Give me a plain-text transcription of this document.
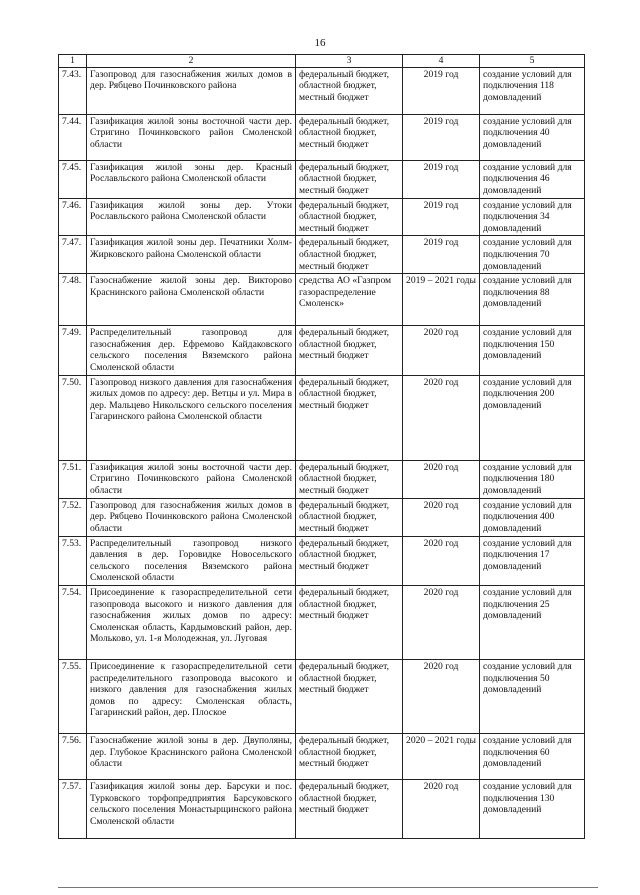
16
1	2	3	4	5
7.43.	Газопровод для газоснабжения жилых домов в дер. Рябцево Починковского района	федеральный бюджет, областной бюджет, местный бюджет	2019 год	создание условий для подключения 118 домовладений
7.44.	Газификация жилой зоны восточной части дер. Стригино Починковского район Смоленской области	федеральный бюджет, областной бюджет, местный бюджет	2019 год	создание условий для подключения 40 домовладений
7.45.	Газификация жилой зоны дер. Красный Рославльского района Смоленской области	федеральный бюджет, областной бюджет, местный бюджет	2019 год	создание условий для подключения 46 домовладений
7.46.	Газификация жилой зоны дер. Утоки Рославльского района Смоленской области	федеральный бюджет, областной бюджет, местный бюджет	2019 год	создание условий для подключения 34 домовладений
7.47.	Газификация жилой зоны дер. Печатники Холм-Жирковского района Смоленской области	федеральный бюджет, областной бюджет, местный бюджет	2019 год	создание условий для подключения 70 домовладений
7.48.	Газоснабжение жилой зоны дер. Викторово Краснинского района Смоленской области	средства АО «Газпром газораспределение Смоленск»	2019 – 2021 годы	создание условий для подключения 88 домовладений
7.49.	Распределительный газопровод для газоснабжения дер. Ефремово Кайдаковского сельского поселения Вяземского района Смоленской области	федеральный бюджет, областной бюджет, местный бюджет	2020 год	создание условий для подключения 150 домовладений
7.50.	Газопровод низкого давления для газоснабжения жилых домов по адресу: дер. Ветцы и ул. Мира в дер. Мальцево Никольского сельского поселения Гагаринского района Смоленской области	федеральный бюджет, областной бюджет, местный бюджет	2020 год	создание условий для подключения 200 домовладений
7.51.	Газификация жилой зоны восточной части дер. Стригино Починковского района Смоленской области	федеральный бюджет, областной бюджет, местный бюджет	2020 год	создание условий для подключения 180 домовладений
7.52.	Газопровод для газоснабжения жилых домов в дер. Рябцево Починковского района Смоленской области	федеральный бюджет, областной бюджет, местный бюджет	2020 год	создание условий для подключения 400 домовладений
7.53.	Распределительный газопровод низкого давления в дер. Горовидке Новосельского сельского поселения Вяземского района Смоленской области	федеральный бюджет, областной бюджет, местный бюджет	2020 год	создание условий для подключения 17 домовладений
7.54.	Присоединение к газораспределительной сети газопровода высокого и низкого давления для газоснабжения жилых домов по адресу: Смоленская область, Кардымовский район, дер. Мольково, ул. 1-я Молодежная, ул. Луговая	федеральный бюджет, областной бюджет, местный бюджет	2020 год	создание условий для подключения 25 домовладений
7.55.	Присоединение к газораспределительной сети распределительного газопровода высокого и низкого давления для газоснабжения жилых домов по адресу: Смоленская область, Гагаринский район, дер. Плоское	федеральный бюджет, областной бюджет, местный бюджет	2020 год	создание условий для подключения 50 домовладений
7.56.	Газоснабжение жилой зоны в дер. Двуполяны, дер. Глубокое Краснинского района Смоленской области	федеральный бюджет, областной бюджет, местный бюджет	2020 – 2021 годы	создание условий для подключения 60 домовладений
7.57.	Газификация жилой зоны дер. Барсуки и пос. Турковского торфопредприятия Барсуковского сельского поселения Монастырщинского района Смоленской области	федеральный бюджет, областной бюджет, местный бюджет	2020 год	создание условий для подключения 130 домовладений
